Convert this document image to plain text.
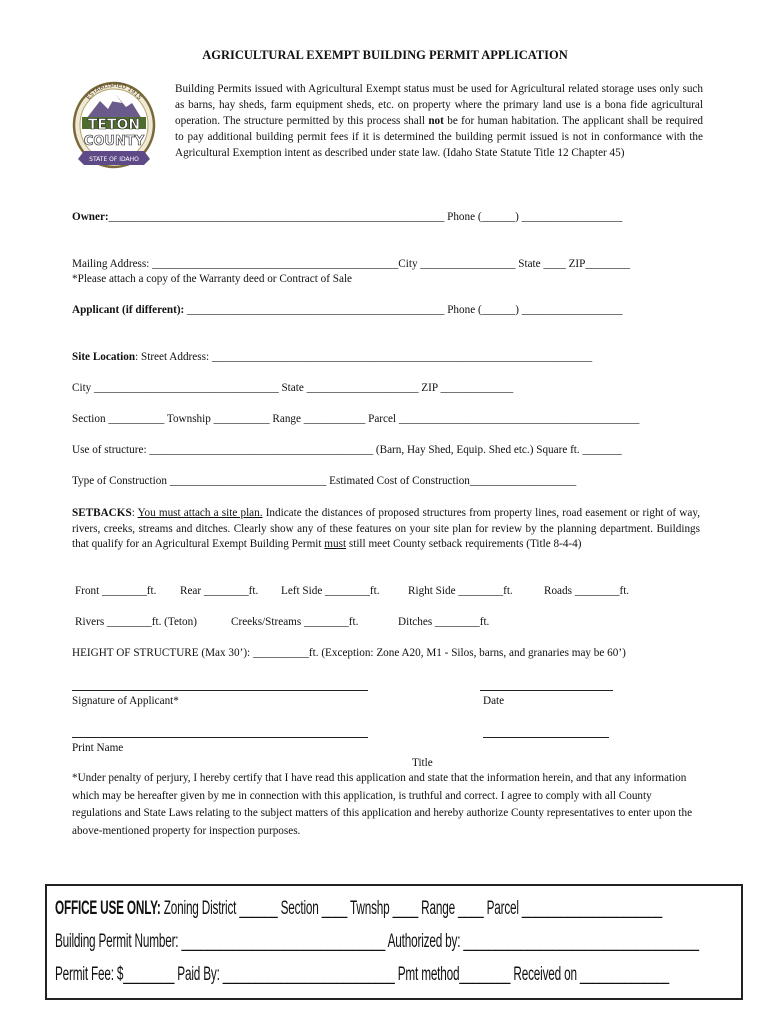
AGRICULTURAL EXEMPT BUILDING PERMIT APPLICATION
ESTABLISHED 1915
TETON
COUNTY
STATE OF IDAHO
Building Permits issued with Agricultural Exempt status must be used for Agricultural related storage uses only such as barns, hay sheds, farm equipment sheds, etc. on property where the primary land use is a bona fide agricultural operation. The structure permitted by this process shall not be for human habitation. The applicant shall be required to pay additional building permit fees if it is determined the building permit issued is not in conformance with the Agricultural Exemption intent as described under state law. (Idaho State Statute Title 12 Chapter 45)
Owner:____________________________________________________________ Phone (______) __________________
Mailing Address: ____________________________________________City _________________ State ____ ZIP________
*Please attach a copy of the Warranty deed or Contract of Sale
Applicant (if different): ______________________________________________ Phone (______) __________________
Site Location: Street Address: ____________________________________________________________________
City _________________________________ State ____________________ ZIP _____________
Section __________ Township __________ Range ___________ Parcel ___________________________________________
Use of structure: ________________________________________ (Barn, Hay Shed, Equip. Shed etc.) Square ft. _______
Type of Construction ____________________________ Estimated Cost of Construction___________________
SETBACKS: You must attach a site plan. Indicate the distances of proposed structures from property lines, road easement or right of way, rivers, creeks, streams and ditches. Clearly show any of these features on your site plan for review by the planning department. Buildings that qualify for an Agricultural Exempt Building Permit must still meet County setback requirements (Title 8-4-4)
Front ________ft. Rear ________ft. Left Side ________ft.	Right Side ________ft.	Roads ________ft.
Rivers ________ft. (Teton)	Creeks/Streams ________ft.	Ditches ________ft.
HEIGHT OF STRUCTURE (Max 30’): __________ft. (Exception: Zone A20, M1 - Silos, barns, and granaries may be 60’)
Signature of Applicant*	Date
Print Name
Title
*Under penalty of perjury, I hereby certify that I have read this application and state that the information herein, and that any information which may be hereafter given by me in connection with this application, is truthful and correct. I agree to comply with all County regulations and State Laws relating to the subject matters of this application and hereby authorize County representatives to enter upon the above-mentioned property for inspection purposes.
OFFICE USE ONLY: Zoning District ______ Section ____ Twnshp ____ Range ____ Parcel ______________________
Building Permit Number: ________________________________ Authorized by: _____________________________________
Permit Fee: $________ Paid By: ___________________________ Pmt method________ Received on ______________
